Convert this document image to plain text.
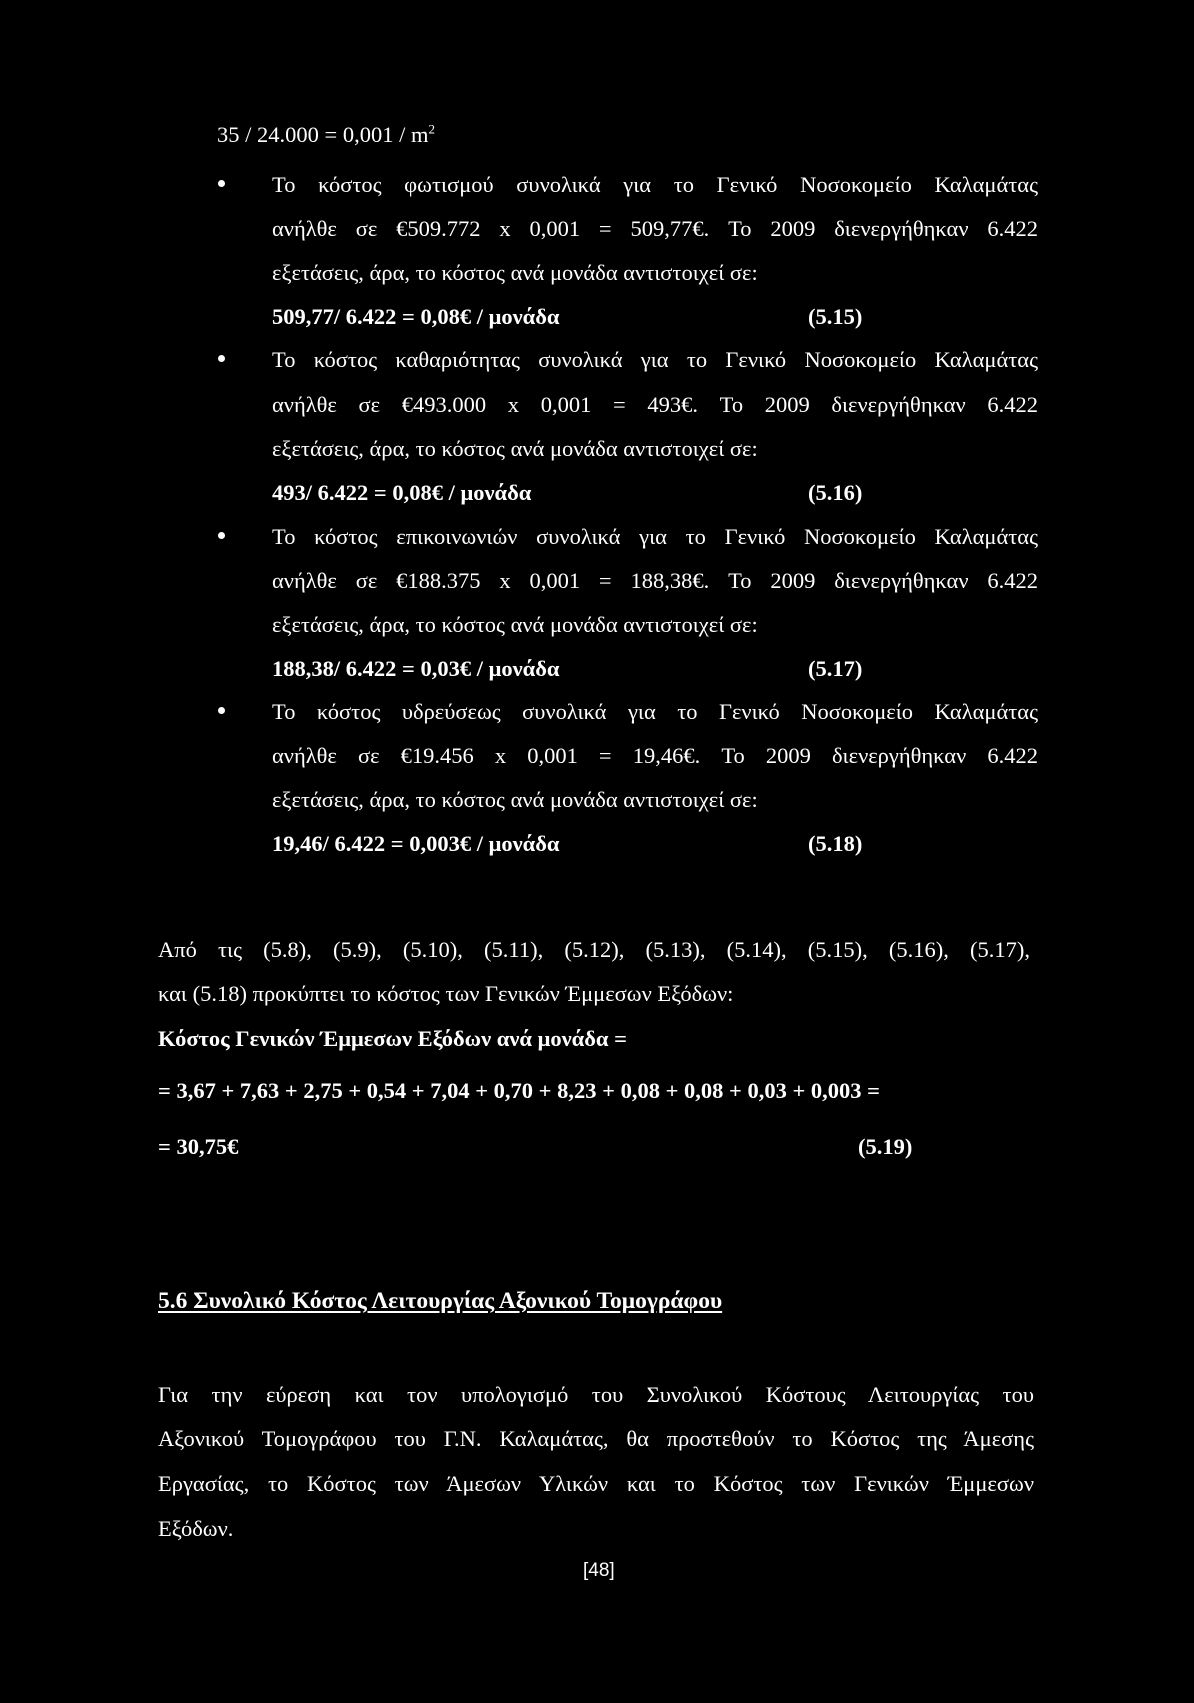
$35 / 24.000 = 0,001 / m^2$
Το κόστος φωτισμού συνολικά για το Γενικό Νοσοκομείο Καλαμάτας
ανήλθε σε €509.772 x 0,001 = 509,77€. Το 2009 διενεργήθηκαν 6.422
εξετάσεις, άρα, το κόστος ανά μονάδα αντιστοιχεί σε:
509,77/ 6.422 = 0,08€ / μονάδα	(5.15)
Το κόστος καθαριότητας συνολικά για το Γενικό Νοσοκομείο Καλαμάτας
ανήλθε σε €493.000 x 0,001 = 493€. Το 2009 διενεργήθηκαν 6.422
εξετάσεις, άρα, το κόστος ανά μονάδα αντιστοιχεί σε:
493/ 6.422 = 0,08€ / μονάδα	(5.16)
Το κόστος επικοινωνιών συνολικά για το Γενικό Νοσοκομείο Καλαμάτας
ανήλθε σε €188.375 x 0,001 = 188,38€. Το 2009 διενεργήθηκαν 6.422
εξετάσεις, άρα, το κόστος ανά μονάδα αντιστοιχεί σε:
188,38/ 6.422 = 0,03€ / μονάδα	(5.17)
Το κόστος υδρεύσεως συνολικά για το Γενικό Νοσοκομείο Καλαμάτας
ανήλθε σε €19.456 x 0,001 = 19,46€. Το 2009 διενεργήθηκαν 6.422
εξετάσεις, άρα, το κόστος ανά μονάδα αντιστοιχεί σε:
19,46/ 6.422 = 0,003€ / μονάδα	(5.18)
Από τις (5.8), (5.9), (5.10), (5.11), (5.12), (5.13), (5.14), (5.15), (5.16), (5.17),
και (5.18) προκύπτει το κόστος των Γενικών Έμμεσων Εξόδων:
Κόστος Γενικών Έμμεσων Εξόδων ανά μονάδα =
= 3,67 + 7,63 + 2,75 + 0,54 + 7,04 + 0,70 + 8,23 + 0,08 + 0,08 + 0,03 + 0,003 =
= 30,75€	(5.19)
5.6 Συνολικό Κόστος Λειτουργίας Αξονικού Τομογράφου
Για την εύρεση και τον υπολογισμό του Συνολικού Κόστους Λειτουργίας του
Αξονικού Τομογράφου του Γ.Ν. Καλαμάτας, θα προστεθούν το Κόστος της Άμεσης
Εργασίας, το Κόστος των Άμεσων Υλικών και το Κόστος των Γενικών Έμμεσων
Εξόδων.
[48]
